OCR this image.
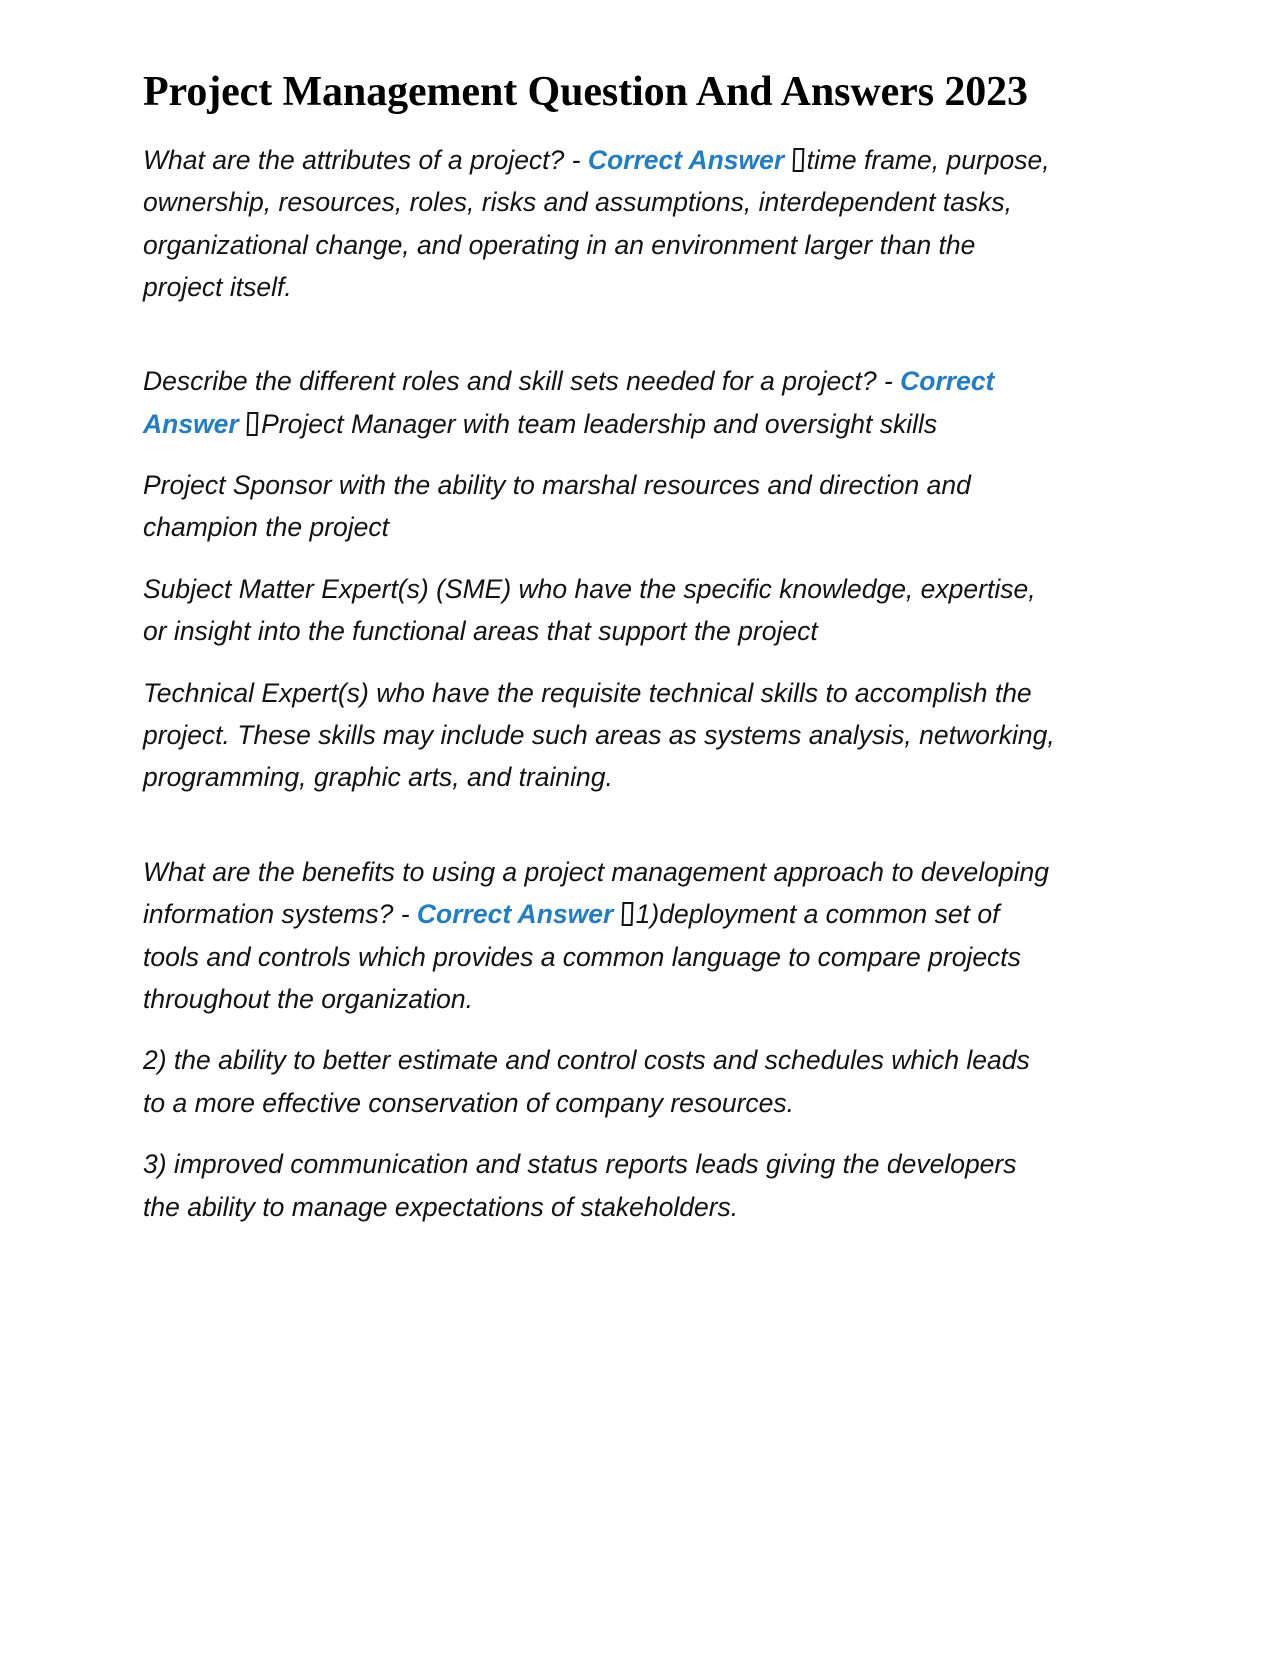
Project Management Question And Answers 2023

What are the attributes of a project? - Correct Answer time frame, purpose, ownership, resources, roles, risks and assumptions, interdependent tasks, organizational change, and operating in an environment larger than the project itself.

Describe the different roles and skill sets needed for a project? - Correct Answer Project Manager with team leadership and oversight skills

Project Sponsor with the ability to marshal resources and direction and champion the project

Subject Matter Expert(s) (SME) who have the specific knowledge, expertise, or insight into the functional areas that support the project

Technical Expert(s) who have the requisite technical skills to accomplish the project. These skills may include such areas as systems analysis, networking, programming, graphic arts, and training.

What are the benefits to using a project management approach to developing information systems? - Correct Answer 1)deployment a common set of tools and controls which provides a common language to compare projects throughout the organization.

2) the ability to better estimate and control costs and schedules which leads to a more effective conservation of company resources.

3) improved communication and status reports leads giving the developers the ability to manage expectations of stakeholders.
